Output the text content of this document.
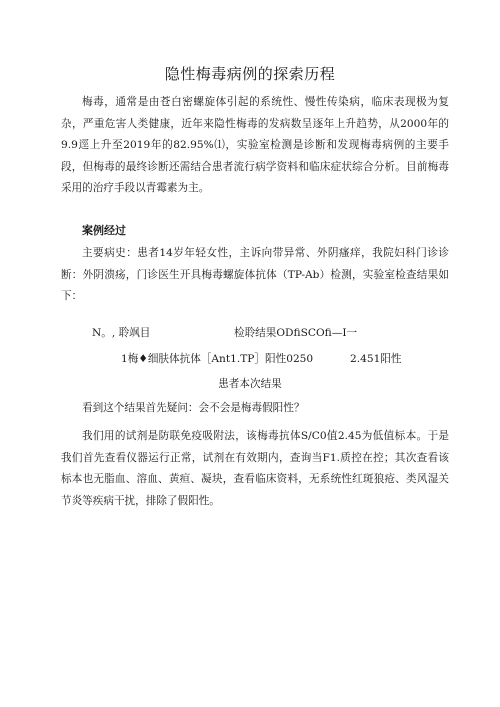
隐性梅毒病例的探索历程

梅毒，通常是由苍白密螺旋体引起的系统性、慢性传染病，临床表现极为复杂，严重危害人类健康，近年来隐性梅毒的发病数呈逐年上升趋势，从2000年的9.9逕上升至2019年的82.95%⑴，实验室检测是诊断和发现梅毒病例的主要手段，但梅毒的最终诊断还需结合患者流行病学资料和临床症状综合分析。目前梅毒采用的治疗手段以青霉素为主。

案例经过

主要病史：患者14岁年轻女性，主诉向带异常、外阴瘙痒，我院妇科门诊诊断：外阴溃疡，门诊医生开具梅毒螺旋体抗体（TP-Ab）检测，实验室检查结果如下：

N。, 聆飒目	检聆结果ODfiSCOfi—I一
1梅♦细肤体抗体［Ant1.TP］阳性0250	2.451阳性
患者本次结果

看到这个结果首先疑问：会不会是梅毒假阳性？

我们用的试剂是防联免疫吸附法，该梅毒抗体S/C0值2.45为低值标本。于是我们首先查看仪器运行正常，试剂在有效期内，查询当F1.质控在控；其次查看该标本也无脂血、溶血、黄疸、凝块，查看临床资料，无系统性红斑狼疮、类风湿关节炎等疾病干扰，排除了假阳性。
